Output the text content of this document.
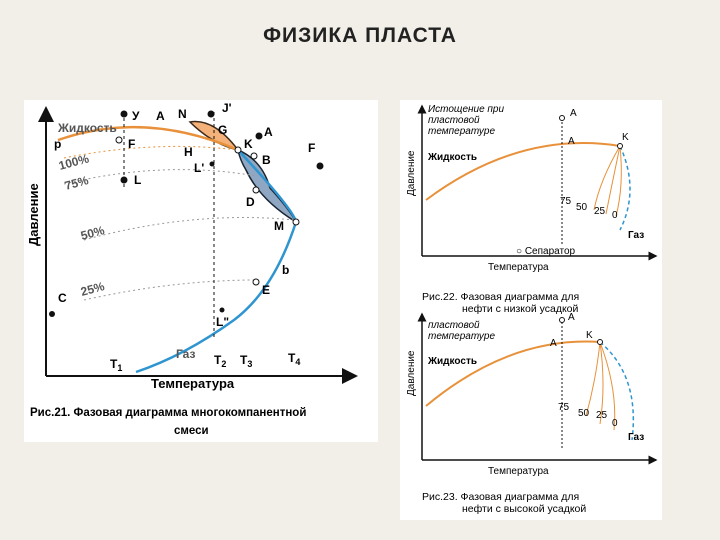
ФИЗИКА ПЛАСТА
Давление
Температура
Жидкость
p
100%
75%
50%
25%
У A N	J'
G	A
F
H
K
B
F
L'
L
D
M
b
E
C
L"
Газ
$T_1$
$T_2$ $T_3$	$T_4$
Рис.21. Фазовая диаграмма многокомпанентной
смеси
Давление
Температура
Истощение при
пластовой
температуре
A
A	K
Жидкость
Газ
○ Сепаратор
75
50 25 0
Рис.22. Фазовая диаграмма для
нефти с низкой усадкой
Давление
Температура
пластовой
температуре
A
A
K
Жидкость
Газ
75
50 25
0
Рис.23. Фазовая диаграмма для
нефти с высокой усадкой
